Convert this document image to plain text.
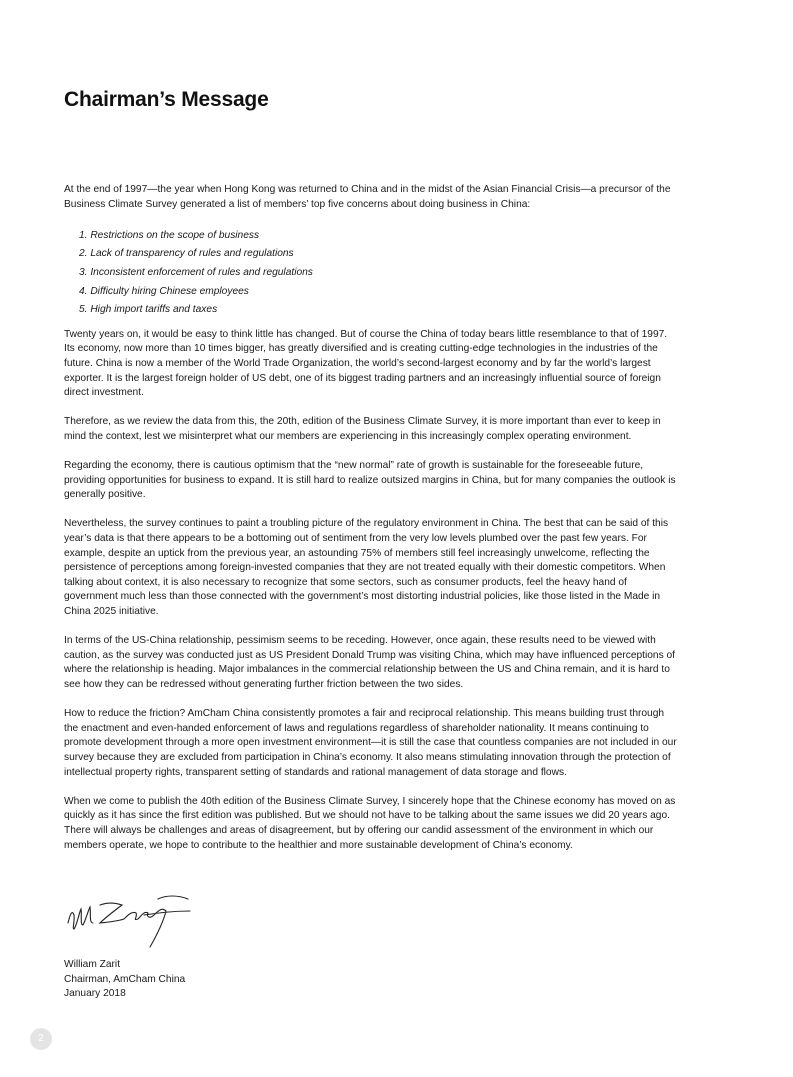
Chairman’s Message

At the end of 1997—the year when Hong Kong was returned to China and in the midst of the Asian Financial Crisis—a precursor of the Business Climate Survey generated a list of members’ top five concerns about doing business in China:

1. Restrictions on the scope of business
2. Lack of transparency of rules and regulations
3. Inconsistent enforcement of rules and regulations
4. Difficulty hiring Chinese employees
5. High import tariffs and taxes

Twenty years on, it would be easy to think little has changed. But of course the China of today bears little resemblance to that of 1997. Its economy, now more than 10 times bigger, has greatly diversified and is creating cutting-edge technologies in the industries of the future. China is now a member of the World Trade Organization, the world’s second-largest economy and by far the world’s largest exporter. It is the largest foreign holder of US debt, one of its biggest trading partners and an increasingly influential source of foreign direct investment.

Therefore, as we review the data from this, the 20th, edition of the Business Climate Survey, it is more important than ever to keep in mind the context, lest we misinterpret what our members are experiencing in this increasingly complex operating environment.

Regarding the economy, there is cautious optimism that the “new normal” rate of growth is sustainable for the foreseeable future, providing opportunities for business to expand. It is still hard to realize outsized margins in China, but for many companies the outlook is generally positive.

Nevertheless, the survey continues to paint a troubling picture of the regulatory environment in China. The best that can be said of this year’s data is that there appears to be a bottoming out of sentiment from the very low levels plumbed over the past few years. For example, despite an uptick from the previous year, an astounding 75% of members still feel increasingly unwelcome, reflecting the persistence of perceptions among foreign-invested companies that they are not treated equally with their domestic competitors. When talking about context, it is also necessary to recognize that some sectors, such as consumer products, feel the heavy hand of government much less than those connected with the government’s most distorting industrial policies, like those listed in the Made in China 2025 initiative.

In terms of the US-China relationship, pessimism seems to be receding. However, once again, these results need to be viewed with caution, as the survey was conducted just as US President Donald Trump was visiting China, which may have influenced perceptions of where the relationship is heading. Major imbalances in the commercial relationship between the US and China remain, and it is hard to see how they can be redressed without generating further friction between the two sides.

How to reduce the friction? AmCham China consistently promotes a fair and reciprocal relationship. This means building trust through the enactment and even-handed enforcement of laws and regulations regardless of shareholder nationality. It means continuing to promote development through a more open investment environment—it is still the case that countless companies are not included in our survey because they are excluded from participation in China’s economy. It also means stimulating innovation through the protection of intellectual property rights, transparent setting of standards and rational management of data storage and flows.

When we come to publish the 40th edition of the Business Climate Survey, I sincerely hope that the Chinese economy has moved on as quickly as it has since the first edition was published. But we should not have to be talking about the same issues we did 20 years ago. There will always be challenges and areas of disagreement, but by offering our candid assessment of the environment in which our members operate, we hope to contribute to the healthier and more sustainable development of China’s economy.

William Zarit
Chairman, AmCham China
January 2018
2
